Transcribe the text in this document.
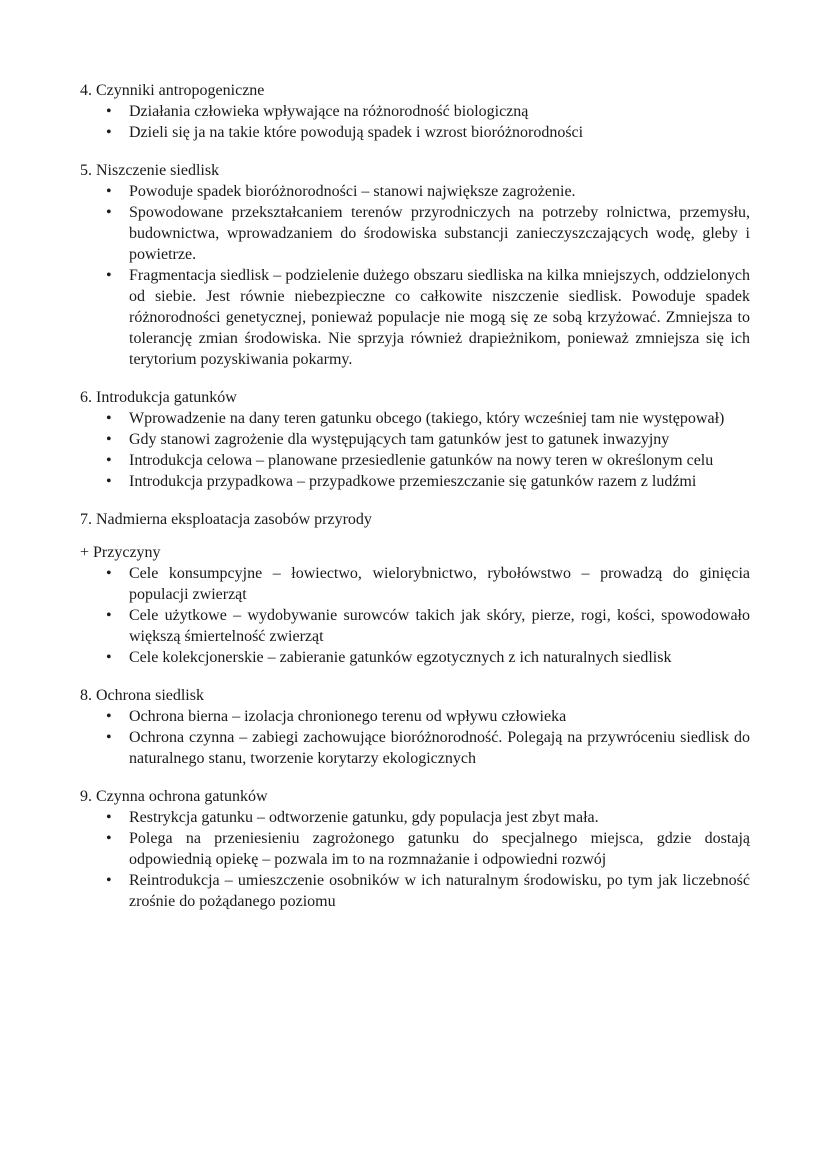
4. Czynniki antropogeniczne

• Działania człowieka wpływające na różnorodność biologiczną
• Dzieli się ja na takie które powodują spadek i wzrost bioróżnorodności

5. Niszczenie siedlisk

• Powoduje spadek bioróżnorodności – stanowi największe zagrożenie.
• Spowodowane przekształcaniem terenów przyrodniczych na potrzeby rolnictwa, przemysłu, budownictwa, wprowadzaniem do środowiska substancji zanieczyszczających wodę, gleby i powietrze.
• Fragmentacja siedlisk – podzielenie dużego obszaru siedliska na kilka mniejszych, oddzielonych od siebie. Jest równie niebezpieczne co całkowite niszczenie siedlisk. Powoduje spadek różnorodności genetycznej, ponieważ populacje nie mogą się ze sobą krzyżować. Zmniejsza to tolerancję zmian środowiska. Nie sprzyja również drapieżnikom, ponieważ zmniejsza się ich terytorium pozyskiwania pokarmy.

6. Introdukcja gatunków

• Wprowadzenie na dany teren gatunku obcego (takiego, który wcześniej tam nie występował)
• Gdy stanowi zagrożenie dla występujących tam gatunków jest to gatunek inwazyjny
• Introdukcja celowa – planowane przesiedlenie gatunków na nowy teren w określonym celu
• Introdukcja przypadkowa – przypadkowe przemieszczanie się gatunków razem z ludźmi

7. Nadmierna eksploatacja zasobów przyrody

+ Przyczyny

• Cele konsumpcyjne – łowiectwo, wielorybnictwo, rybołówstwo – prowadzą do ginięcia populacji zwierząt
• Cele użytkowe – wydobywanie surowców takich jak skóry, pierze, rogi, kości, spowodowało większą śmiertelność zwierząt
• Cele kolekcjonerskie – zabieranie gatunków egzotycznych z ich naturalnych siedlisk

8. Ochrona siedlisk

• Ochrona bierna – izolacja chronionego terenu od wpływu człowieka
• Ochrona czynna – zabiegi zachowujące bioróżnorodność. Polegają na przywróceniu siedlisk do naturalnego stanu, tworzenie korytarzy ekologicznych

9. Czynna ochrona gatunków

• Restrykcja gatunku – odtworzenie gatunku, gdy populacja jest zbyt mała.
• Polega na przeniesieniu zagrożonego gatunku do specjalnego miejsca, gdzie dostają odpowiednią opiekę – pozwala im to na rozmnażanie i odpowiedni rozwój
• Reintrodukcja – umieszczenie osobników w ich naturalnym środowisku, po tym jak liczebność zrośnie do pożądanego poziomu
